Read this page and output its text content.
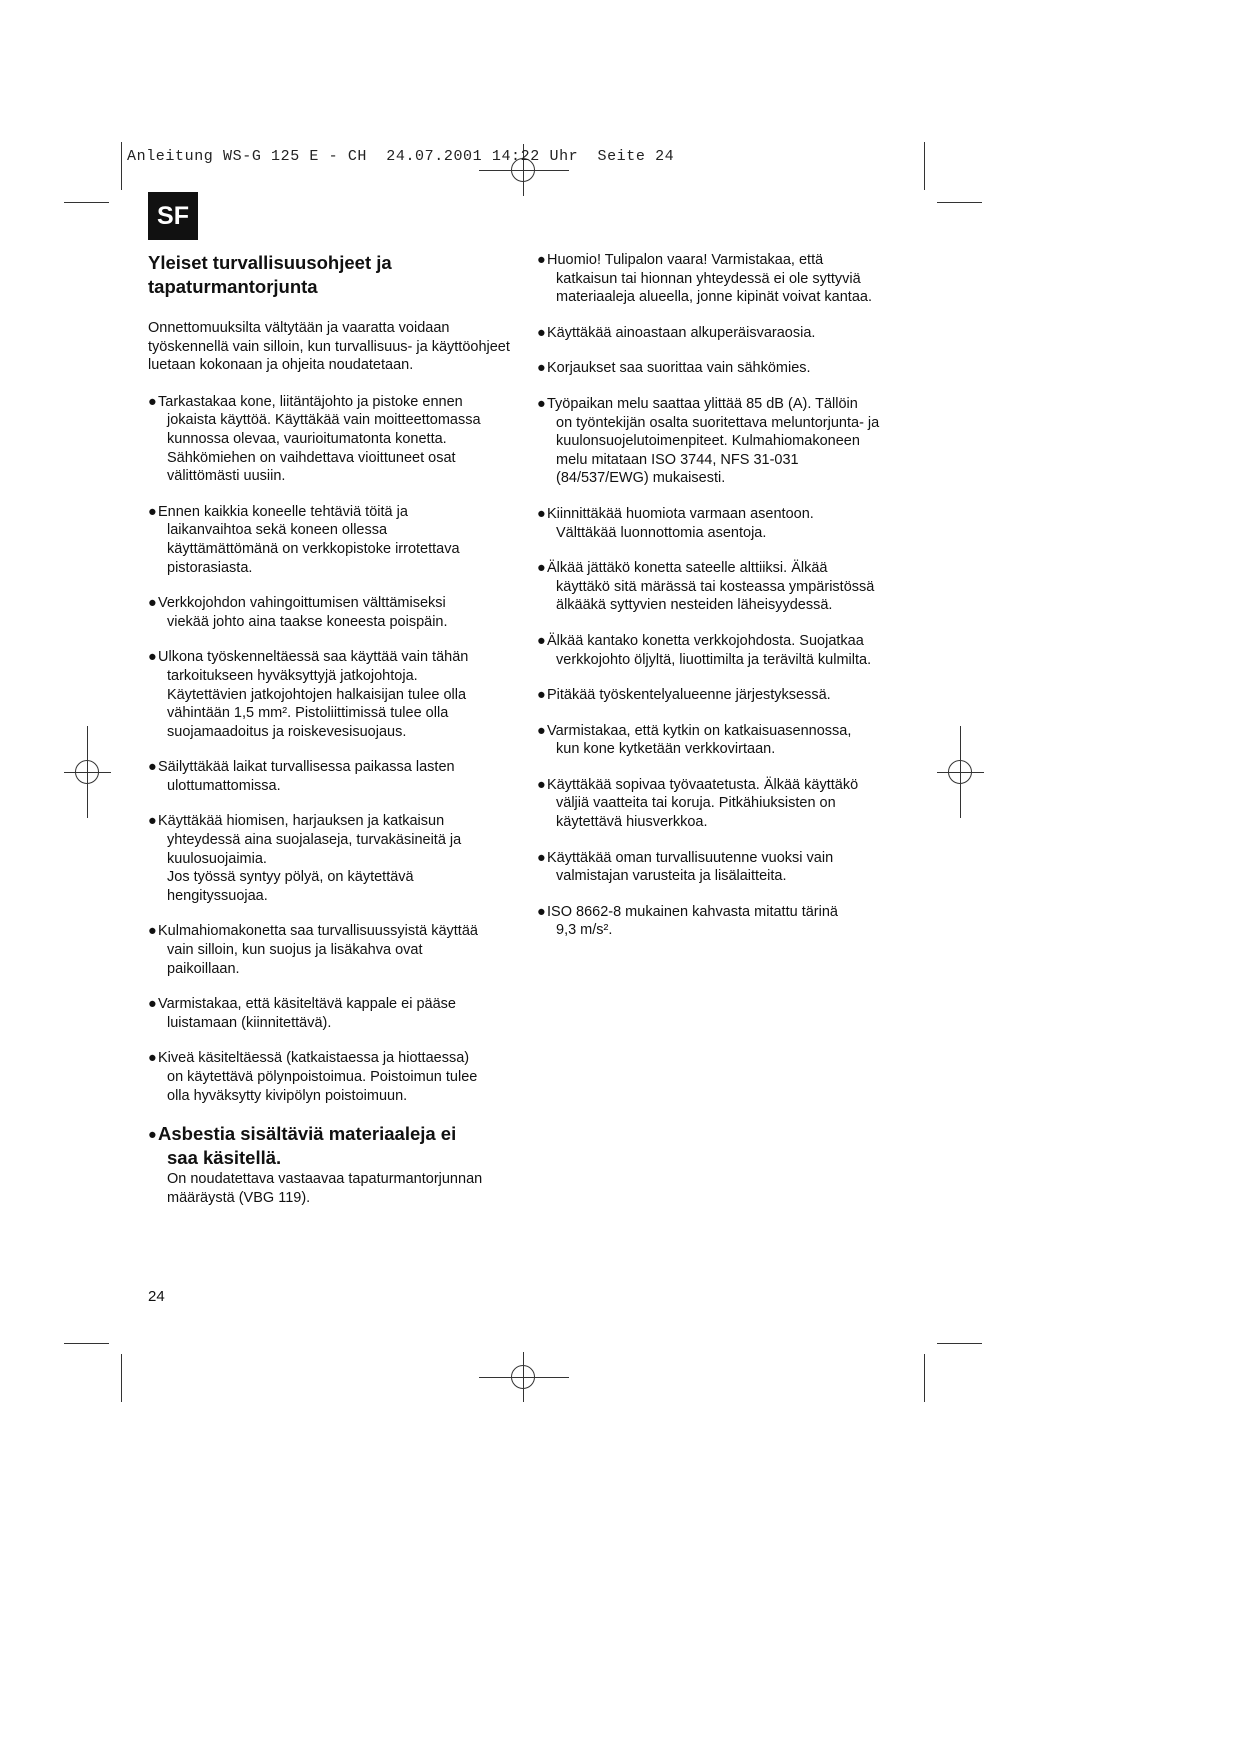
Anleitung WS-G 125 E - CH  24.07.2001 14:22 Uhr  Seite 24
SF
Yleiset turvallisuusohjeet ja
tapaturmantorjunta
Onnettomuuksilta vältytään ja vaaratta voidaan työskennellä vain silloin, kun turvallisuus- ja käyttöohjeet luetaan kokonaan ja ohjeita noudatetaan.
● Tarkastakaa kone, liitäntäjohto ja pistoke ennen
jokaista käyttöä. Käyttäkää vain moitteettomassa
kunnossa olevaa, vaurioitumatonta konetta.
Sähkömiehen on vaihdettava vioittuneet osat
välittömästi uusiin.
● Ennen kaikkia koneelle tehtäviä töitä ja
laikanvaihtoa sekä koneen ollessa
käyttämättömänä on verkkopistoke irrotettava
pistorasiasta.
● Verkkojohdon vahingoittumisen välttämiseksi
viekää johto aina taakse koneesta poispäin.
● Ulkona työskenneltäessä saa käyttää vain tähän
tarkoitukseen hyväksyttyjä jatkojohtoja.
Käytettävien jatkojohtojen halkaisijan tulee olla
vähintään 1,5 mm². Pistoliittimissä tulee olla
suojamaadoitus ja roiskevesisuojaus.
● Säilyttäkää laikat turvallisessa paikassa lasten
ulottumattomissa.
● Käyttäkää hiomisen, harjauksen ja katkaisun
yhteydessä aina suojalaseja, turvakäsineitä ja
kuulosuojaimia.
Jos työssä syntyy pölyä, on käytettävä
hengityssuojaa.
● Kulmahiomakonetta saa turvallisuussyistä käyttää
vain silloin, kun suojus ja lisäkahva ovat
paikoillaan.
● Varmistakaa, että käsiteltävä kappale ei pääse
luistamaan (kiinnitettävä).
● Kiveä käsiteltäessä (katkaistaessa ja hiottaessa)
on käytettävä pölynpoistoimua. Poistoimun tulee
olla hyväksytty kivipölyn poistoimuun.
● Asbestia sisältäviä materiaaleja ei
saa käsitellä.
On noudatettava vastaavaa tapaturmantorjunnan
määräystä (VBG 119).
● Huomio! Tulipalon vaara! Varmistakaa, että
katkaisun tai hionnan yhteydessä ei ole syttyviä
materiaaleja alueella, jonne kipinät voivat kantaa.
● Käyttäkää ainoastaan alkuperäisvaraosia.
● Korjaukset saa suorittaa vain sähkömies.
● Työpaikan melu saattaa ylittää 85 dB (A). Tällöin
on työntekijän osalta suoritettava meluntorjunta- ja
kuulonsuojelutoimenpiteet. Kulmahiomakoneen
melu mitataan ISO 3744, NFS 31-031
(84/537/EWG) mukaisesti.
● Kiinnittäkää huomiota varmaan asentoon.
Välttäkää luonnottomia asentoja.
● Älkää jättäkö konetta sateelle alttiiksi. Älkää
käyttäkö sitä märässä tai kosteassa ympäristössä
älkääkä syttyvien nesteiden läheisyydessä.
● Älkää kantako konetta verkkojohdosta. Suojatkaa
verkkojohto öljyltä, liuottimilta ja teräviltä kulmilta.
● Pitäkää työskentelyalueenne järjestyksessä.
● Varmistakaa, että kytkin on katkaisuasennossa,
kun kone kytketään verkkovirtaan.
● Käyttäkää sopivaa työvaatetusta. Älkää käyttäkö
väljiä vaatteita tai koruja. Pitkähiuksisten on
käytettävä hiusverkkoa.
● Käyttäkää oman turvallisuutenne vuoksi vain
valmistajan varusteita ja lisälaitteita.
● ISO 8662-8 mukainen kahvasta mitattu tärinä
9,3 m/s².
24
